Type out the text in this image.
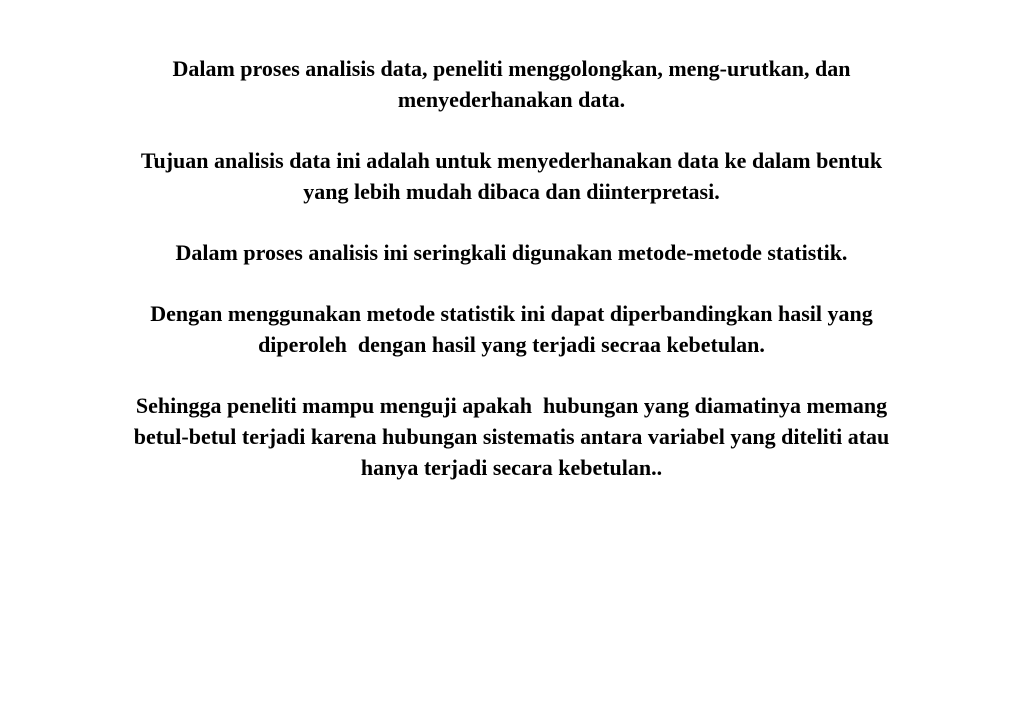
Dalam proses analisis data, peneliti menggolongkan, meng-urutkan, dan
menyederhanakan data.

Tujuan analisis data ini adalah untuk menyederhanakan data ke dalam bentuk
yang lebih mudah dibaca dan diinterpretasi.

Dalam proses analisis ini seringkali digunakan metode-metode statistik.

Dengan menggunakan metode statistik ini dapat diperbandingkan hasil yang
diperoleh  dengan hasil yang terjadi secraa kebetulan.

Sehingga peneliti mampu menguji apakah  hubungan yang diamatinya memang
betul-betul terjadi karena hubungan sistematis antara variabel yang diteliti atau
hanya terjadi secara kebetulan..
